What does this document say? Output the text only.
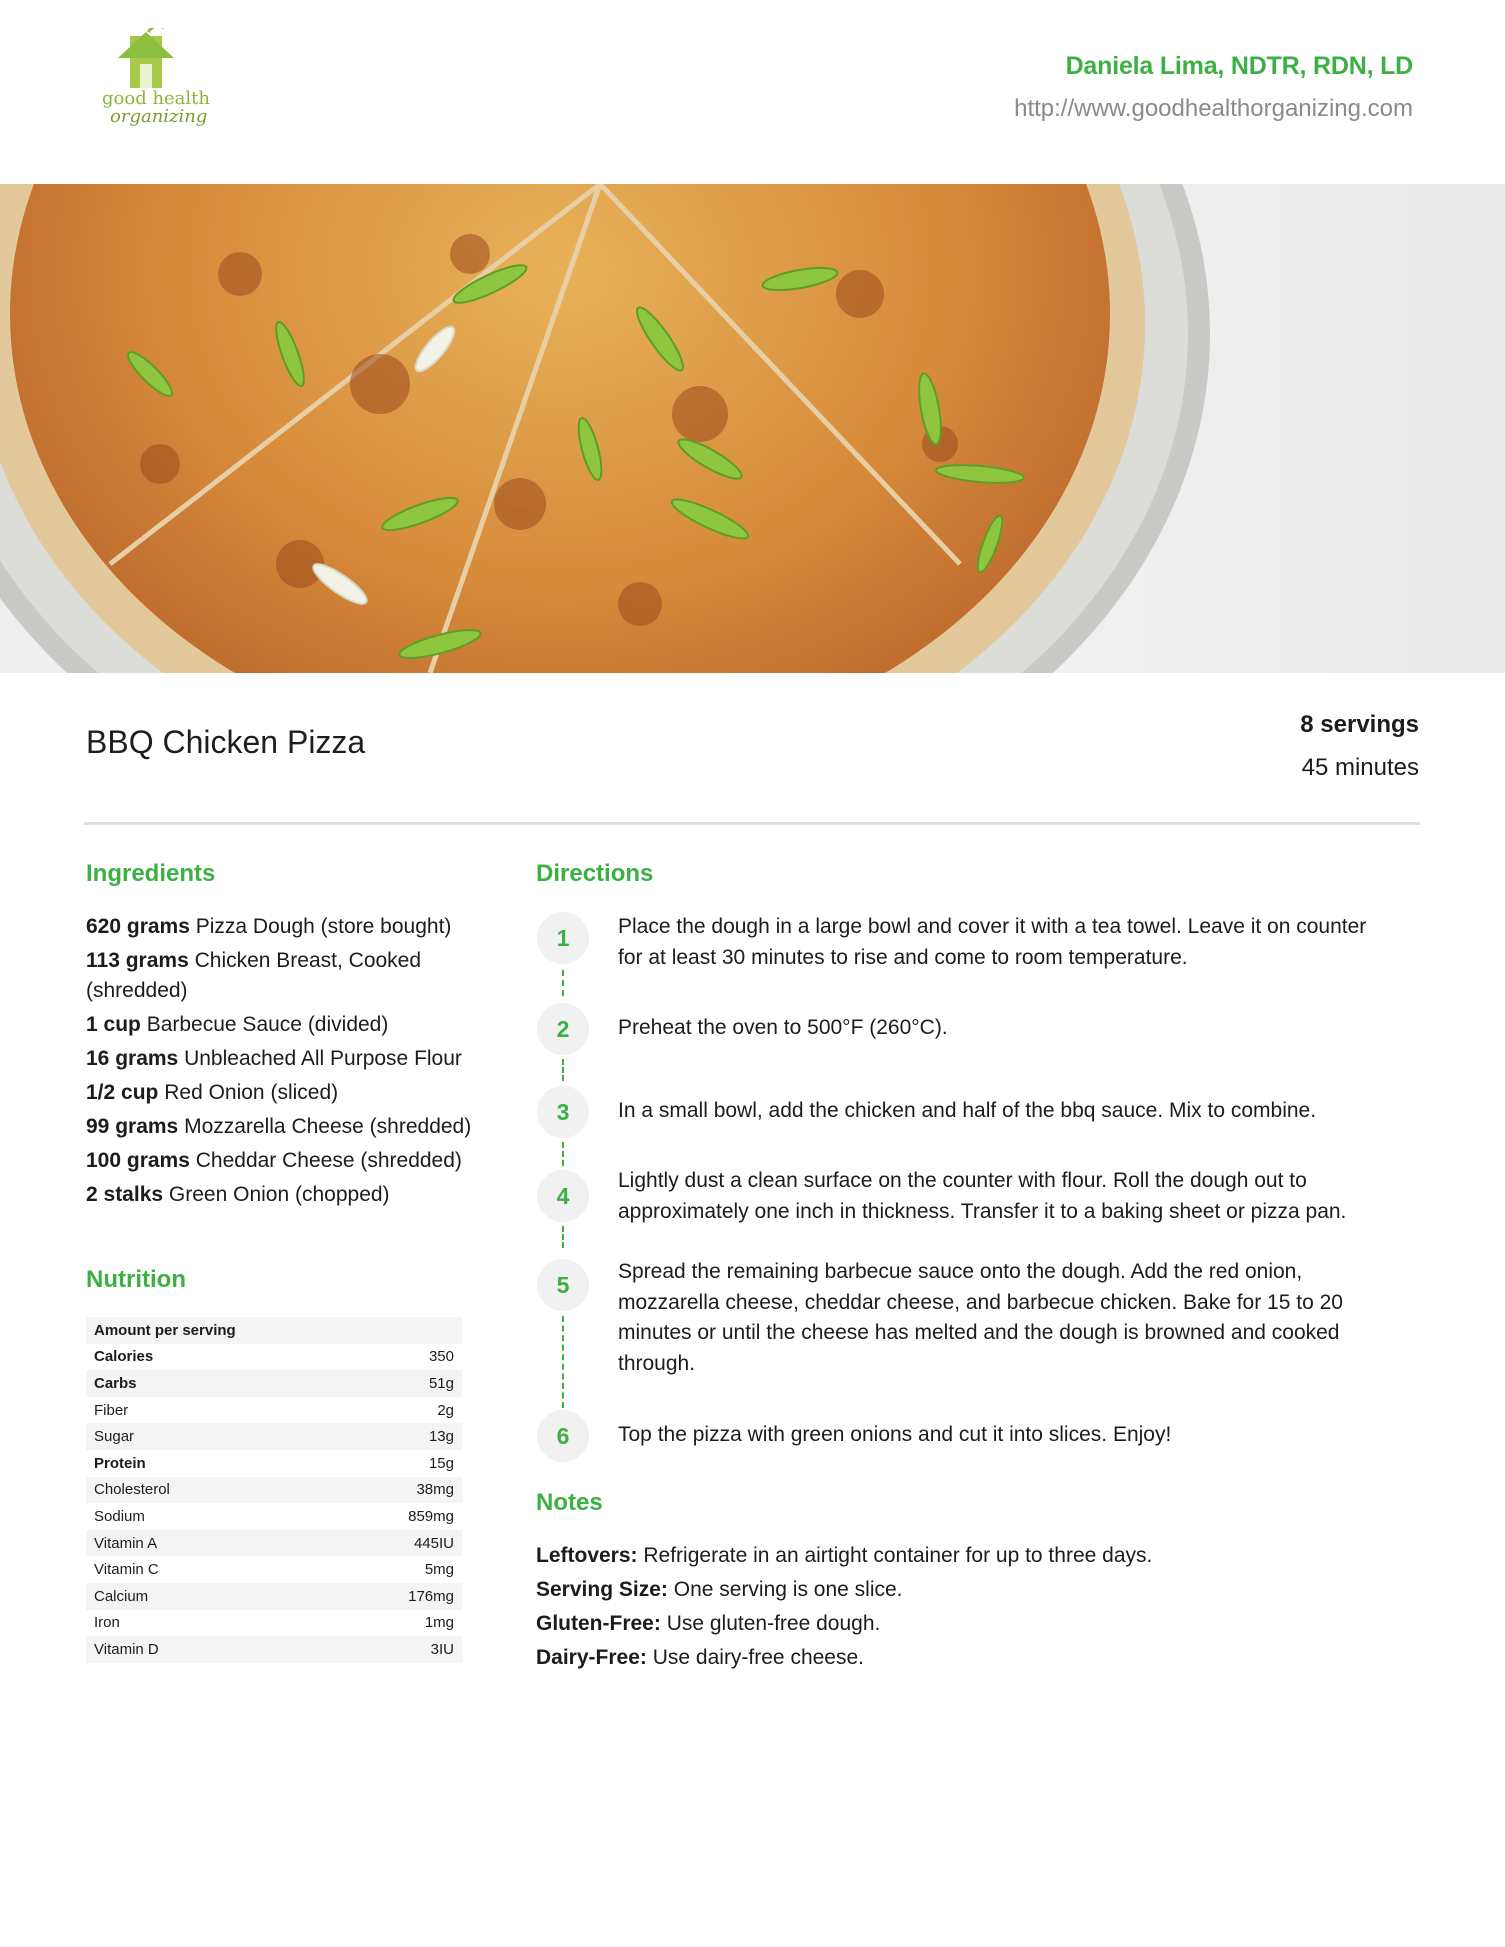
good health
organizing
Daniela Lima, NDTR, RDN, LD
http://www.goodhealthorganizing.com
BBQ Chicken Pizza	8 servings
45 minutes
Ingredients
620 grams Pizza Dough (store bought)
113 grams Chicken Breast, Cooked (shredded)
1 cup Barbecue Sauce (divided)
16 grams Unbleached All Purpose Flour
1/2 cup Red Onion (sliced)
99 grams Mozzarella Cheese (shredded)
100 grams Cheddar Cheese (shredded)
2 stalks Green Onion (chopped)
Nutrition
Amount per serving	
Calories	350
Carbs	51g
Fiber	2g
Sugar	13g
Protein	15g
Cholesterol	38mg
Sodium	859mg
Vitamin A	445IU
Vitamin C	5mg
Calcium	176mg
Iron	1mg
Vitamin D	3IU
Directions
1	Place the dough in a large bowl and cover it with a tea towel. Leave it on counter for at least 30 minutes to rise and come to room temperature.
2	Preheat the oven to 500°F (260°C).
3	In a small bowl, add the chicken and half of the bbq sauce. Mix to combine.
4
Lightly dust a clean surface on the counter with flour. Roll the dough out to approximately one inch in thickness. Transfer it to a baking sheet or pizza pan.
5
Spread the remaining barbecue sauce onto the dough. Add the red onion, mozzarella cheese, cheddar cheese, and barbecue chicken. Bake for 15 to 20 minutes or until the cheese has melted and the dough is browned and cooked through.
6	Top the pizza with green onions and cut it into slices. Enjoy!
Notes
Leftovers: Refrigerate in an airtight container for up to three days.
Serving Size: One serving is one slice.
Gluten-Free: Use gluten-free dough.
Dairy-Free: Use dairy-free cheese.
